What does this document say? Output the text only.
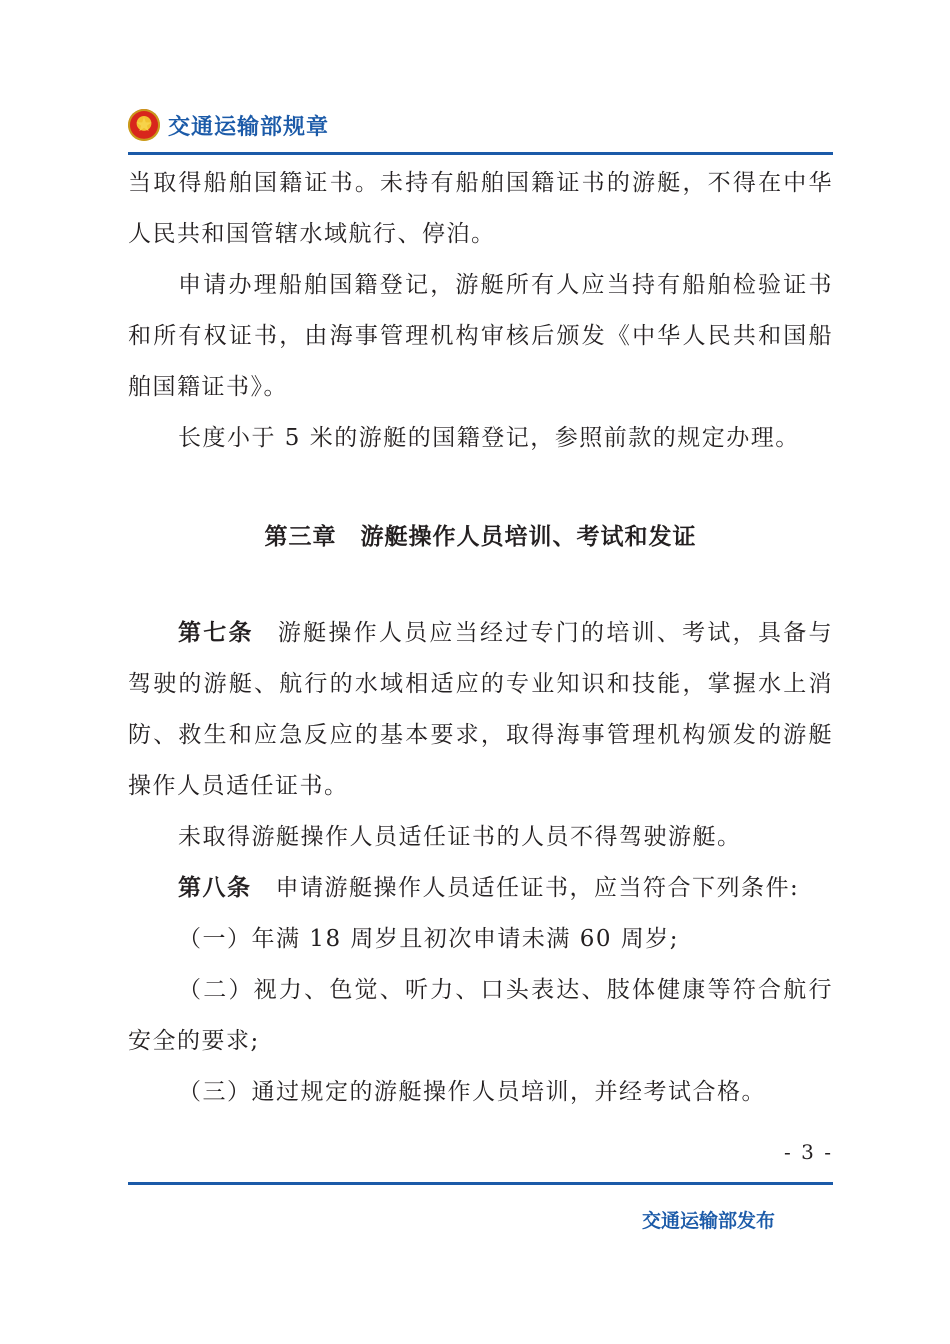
交通运输部规章

当取得船舶国籍证书。未持有船舶国籍证书的游艇，不得在中华人民共和国管辖水域航行、停泊。

申请办理船舶国籍登记，游艇所有人应当持有船舶检验证书和所有权证书，由海事管理机构审核后颁发《中华人民共和国船舶国籍证书》。

长度小于 5 米的游艇的国籍登记，参照前款的规定办理。

第三章 游艇操作人员培训、考试和发证

第七条 游艇操作人员应当经过专门的培训、考试，具备与驾驶的游艇、航行的水域相适应的专业知识和技能，掌握水上消防、救生和应急反应的基本要求，取得海事管理机构颁发的游艇操作人员适任证书。

未取得游艇操作人员适任证书的人员不得驾驶游艇。

第八条 申请游艇操作人员适任证书，应当符合下列条件:

（一）年满 18 周岁且初次申请未满 60 周岁;

（二）视力、色觉、听力、口头表达、肢体健康等符合航行安全的要求;

（三）通过规定的游艇操作人员培训，并经考试合格。

- 3 -
交通运输部发布
